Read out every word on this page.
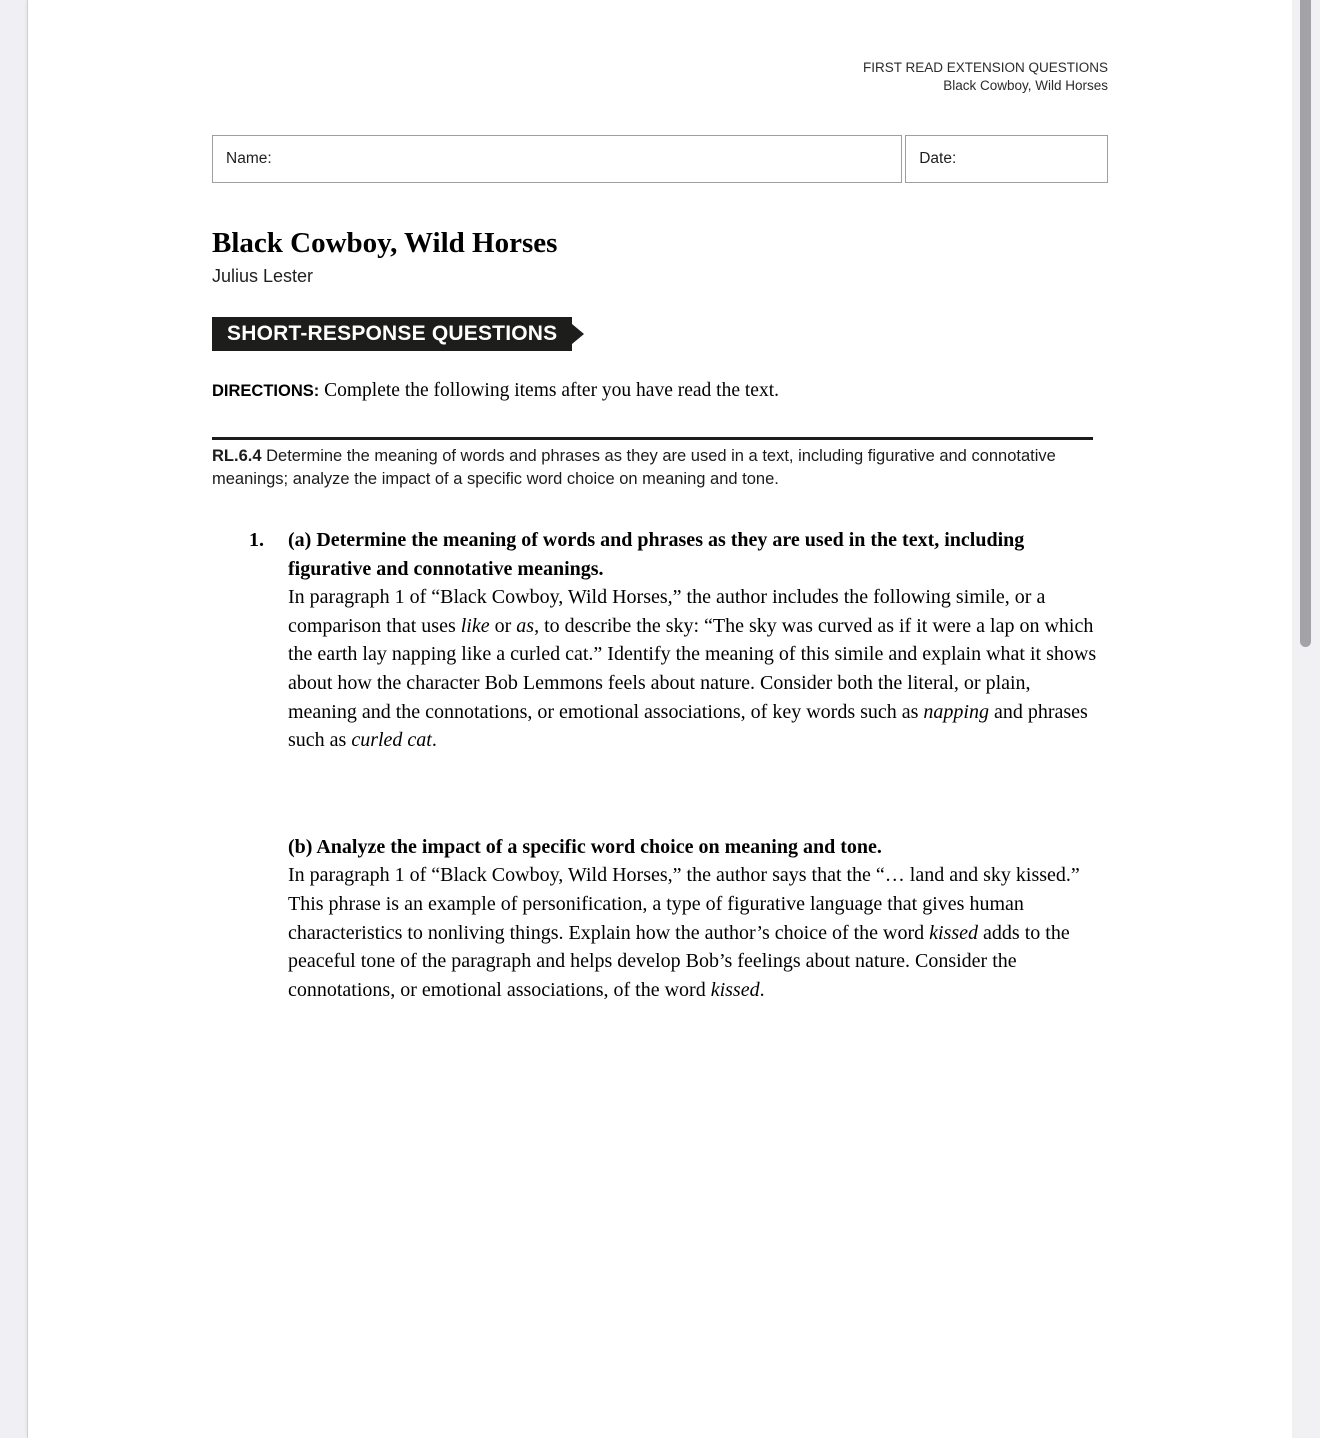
FIRST READ EXTENSION QUESTIONS
Black Cowboy, Wild Horses
Name:	Date:
Black Cowboy, Wild Horses
Julius Lester
SHORT-RESPONSE QUESTIONS
DIRECTIONS: Complete the following items after you have read the text.
RL.6.4 Determine the meaning of words and phrases as they are used in a text, including figurative and connotative meanings; analyze the impact of a specific word choice on meaning and tone.
1.	(a) Determine the meaning of words and phrases as they are used in the text, including figurative and connotative meanings.
In paragraph 1 of “Black Cowboy, Wild Horses,” the author includes the following simile, or a comparison that uses like or as, to describe the sky: “The sky was curved as if it were a lap on which the earth lay napping like a curled cat.” Identify the meaning of this simile and explain what it shows about how the character Bob Lemmons feels about nature. Consider both the literal, or plain, meaning and the connotations, or emotional associations, of key words such as napping and phrases such as curled cat.
(b) Analyze the impact of a specific word choice on meaning and tone.
In paragraph 1 of “Black Cowboy, Wild Horses,” the author says that the “… land and sky kissed.” This phrase is an example of personification, a type of figurative language that gives human characteristics to nonliving things. Explain how the author’s choice of the word kissed adds to the peaceful tone of the paragraph and helps develop Bob’s feelings about nature. Consider the connotations, or emotional associations, of the word kissed.
